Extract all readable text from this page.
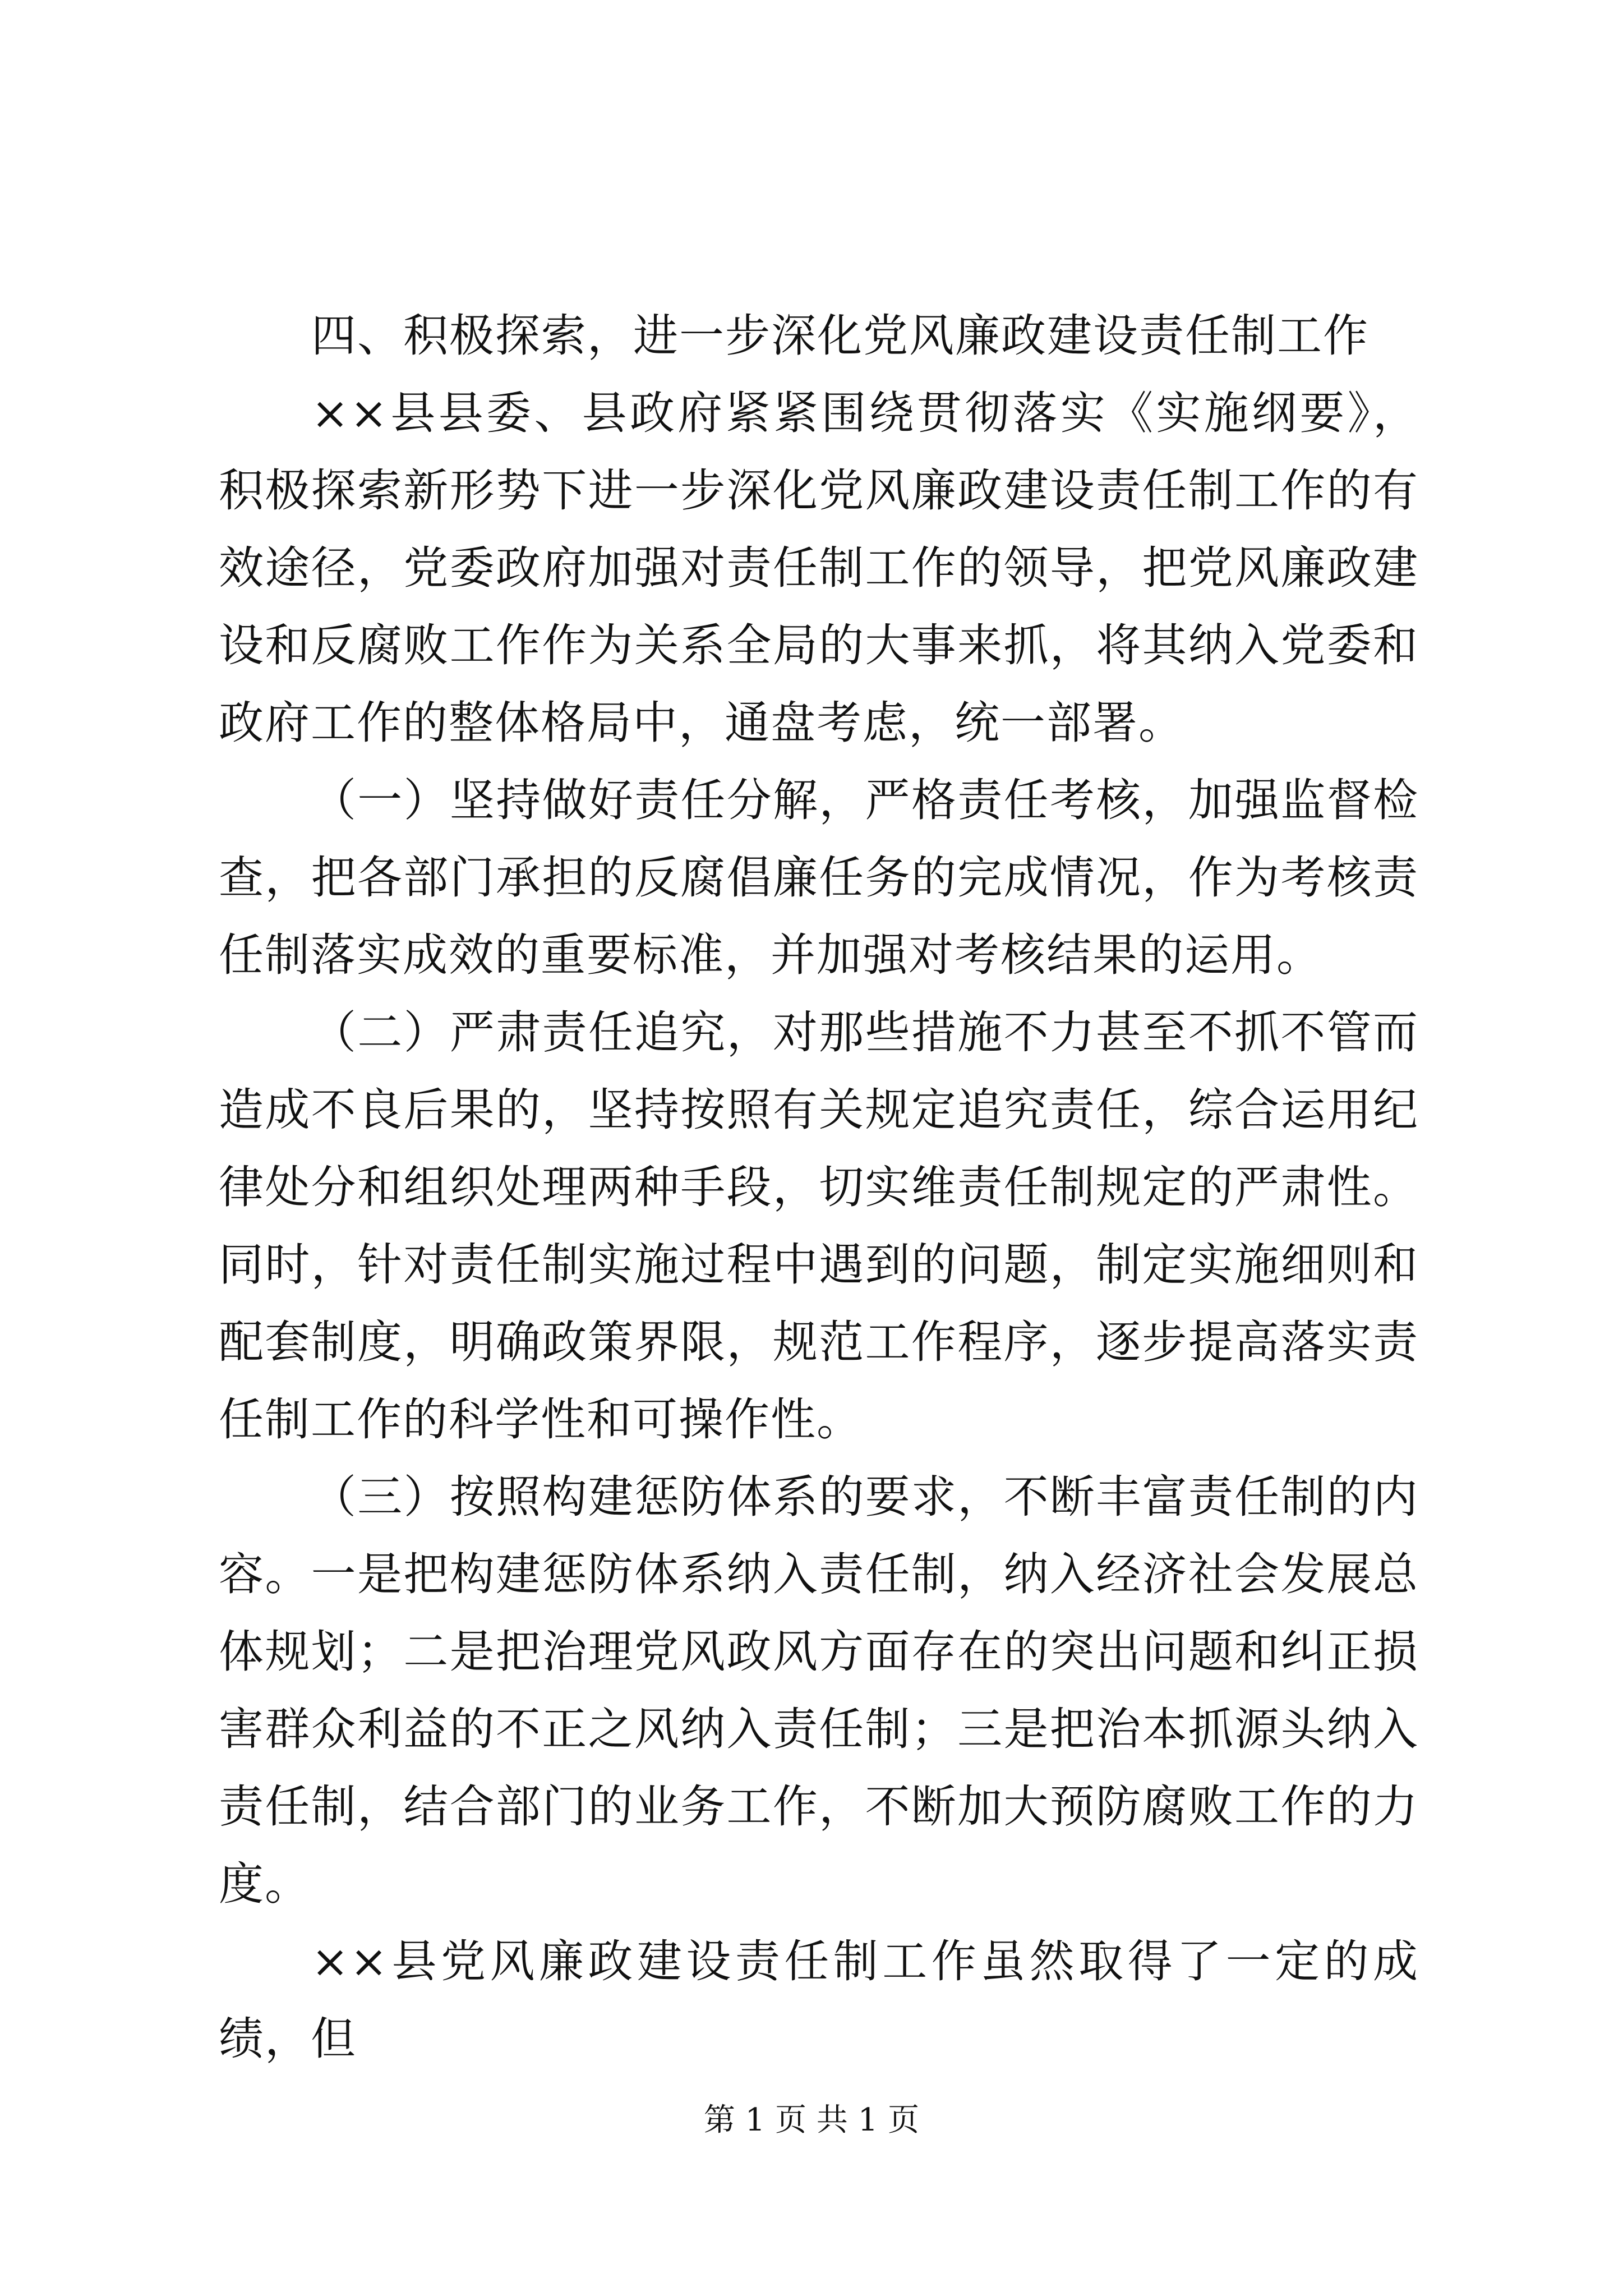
四、积极探索，进一步深化党风廉政建设责任制工作

××县县委、县政府紧紧围绕贯彻落实《实施纲要》，积极探索新形势下进一步深化党风廉政建设责任制工作的有效途径，党委政府加强对责任制工作的领导，把党风廉政建设和反腐败工作作为关系全局的大事来抓，将其纳入党委和政府工作的整体格局中，通盘考虑，统一部署。

（一）坚持做好责任分解，严格责任考核，加强监督检查，把各部门承担的反腐倡廉任务的完成情况，作为考核责任制落实成效的重要标准，并加强对考核结果的运用。

（二）严肃责任追究，对那些措施不力甚至不抓不管而造成不良后果的，坚持按照有关规定追究责任，综合运用纪律处分和组织处理两种手段，切实维责任制规定的严肃性。同时，针对责任制实施过程中遇到的问题，制定实施细则和配套制度，明确政策界限，规范工作程序，逐步提高落实责任制工作的科学性和可操作性。

（三）按照构建惩防体系的要求，不断丰富责任制的内容。一是把构建惩防体系纳入责任制，纳入经济社会发展总体规划；二是把治理党风政风方面存在的突出问题和纠正损害群众利益的不正之风纳入责任制；三是把治本抓源头纳入责任制，结合部门的业务工作，不断加大预防腐败工作的力度。

××县党风廉政建设责任制工作虽然取得了一定的成绩，但

第 1 页 共 1 页
